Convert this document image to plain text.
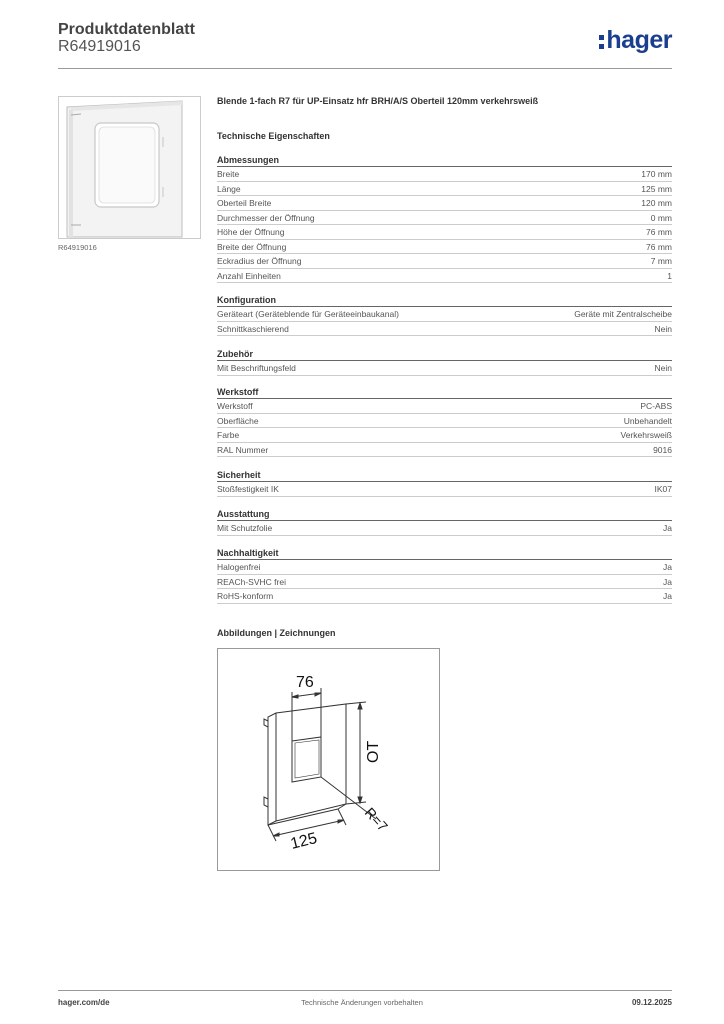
Produktdatenblatt
R64919016	hager
R64919016
Blende 1-fach R7 für UP-Einsatz hfr BRH/A/S Oberteil 120mm verkehrsweiß
Technische Eigenschaften
Abmessungen
Breite	170 mm
Länge	125 mm
Oberteil Breite	120 mm
Durchmesser der Öffnung	0 mm
Höhe der Öffnung	76 mm
Breite der Öffnung	76 mm
Eckradius der Öffnung	7 mm
Anzahl Einheiten	1
Konfiguration
Geräteart (Geräteblende für Geräteeinbaukanal)	Geräte mit Zentralscheibe
Schnittkaschierend	Nein
Zubehör
Mit Beschriftungsfeld	Nein
Werkstoff
Werkstoff	PC-ABS
Oberfläche	Unbehandelt
Farbe	Verkehrsweiß
RAL Nummer	9016
Sicherheit
Stoßfestigkeit IK	IK07
Ausstattung
Mit Schutzfolie	Ja
Nachhaltigkeit
Halogenfrei	Ja
REACh-SVHC frei	Ja
RoHS-konform	Ja
Abbildungen | Zeichnungen
76
OT
125
R=7
hager.com/de	Technische Änderungen vorbehalten	09.12.2025
